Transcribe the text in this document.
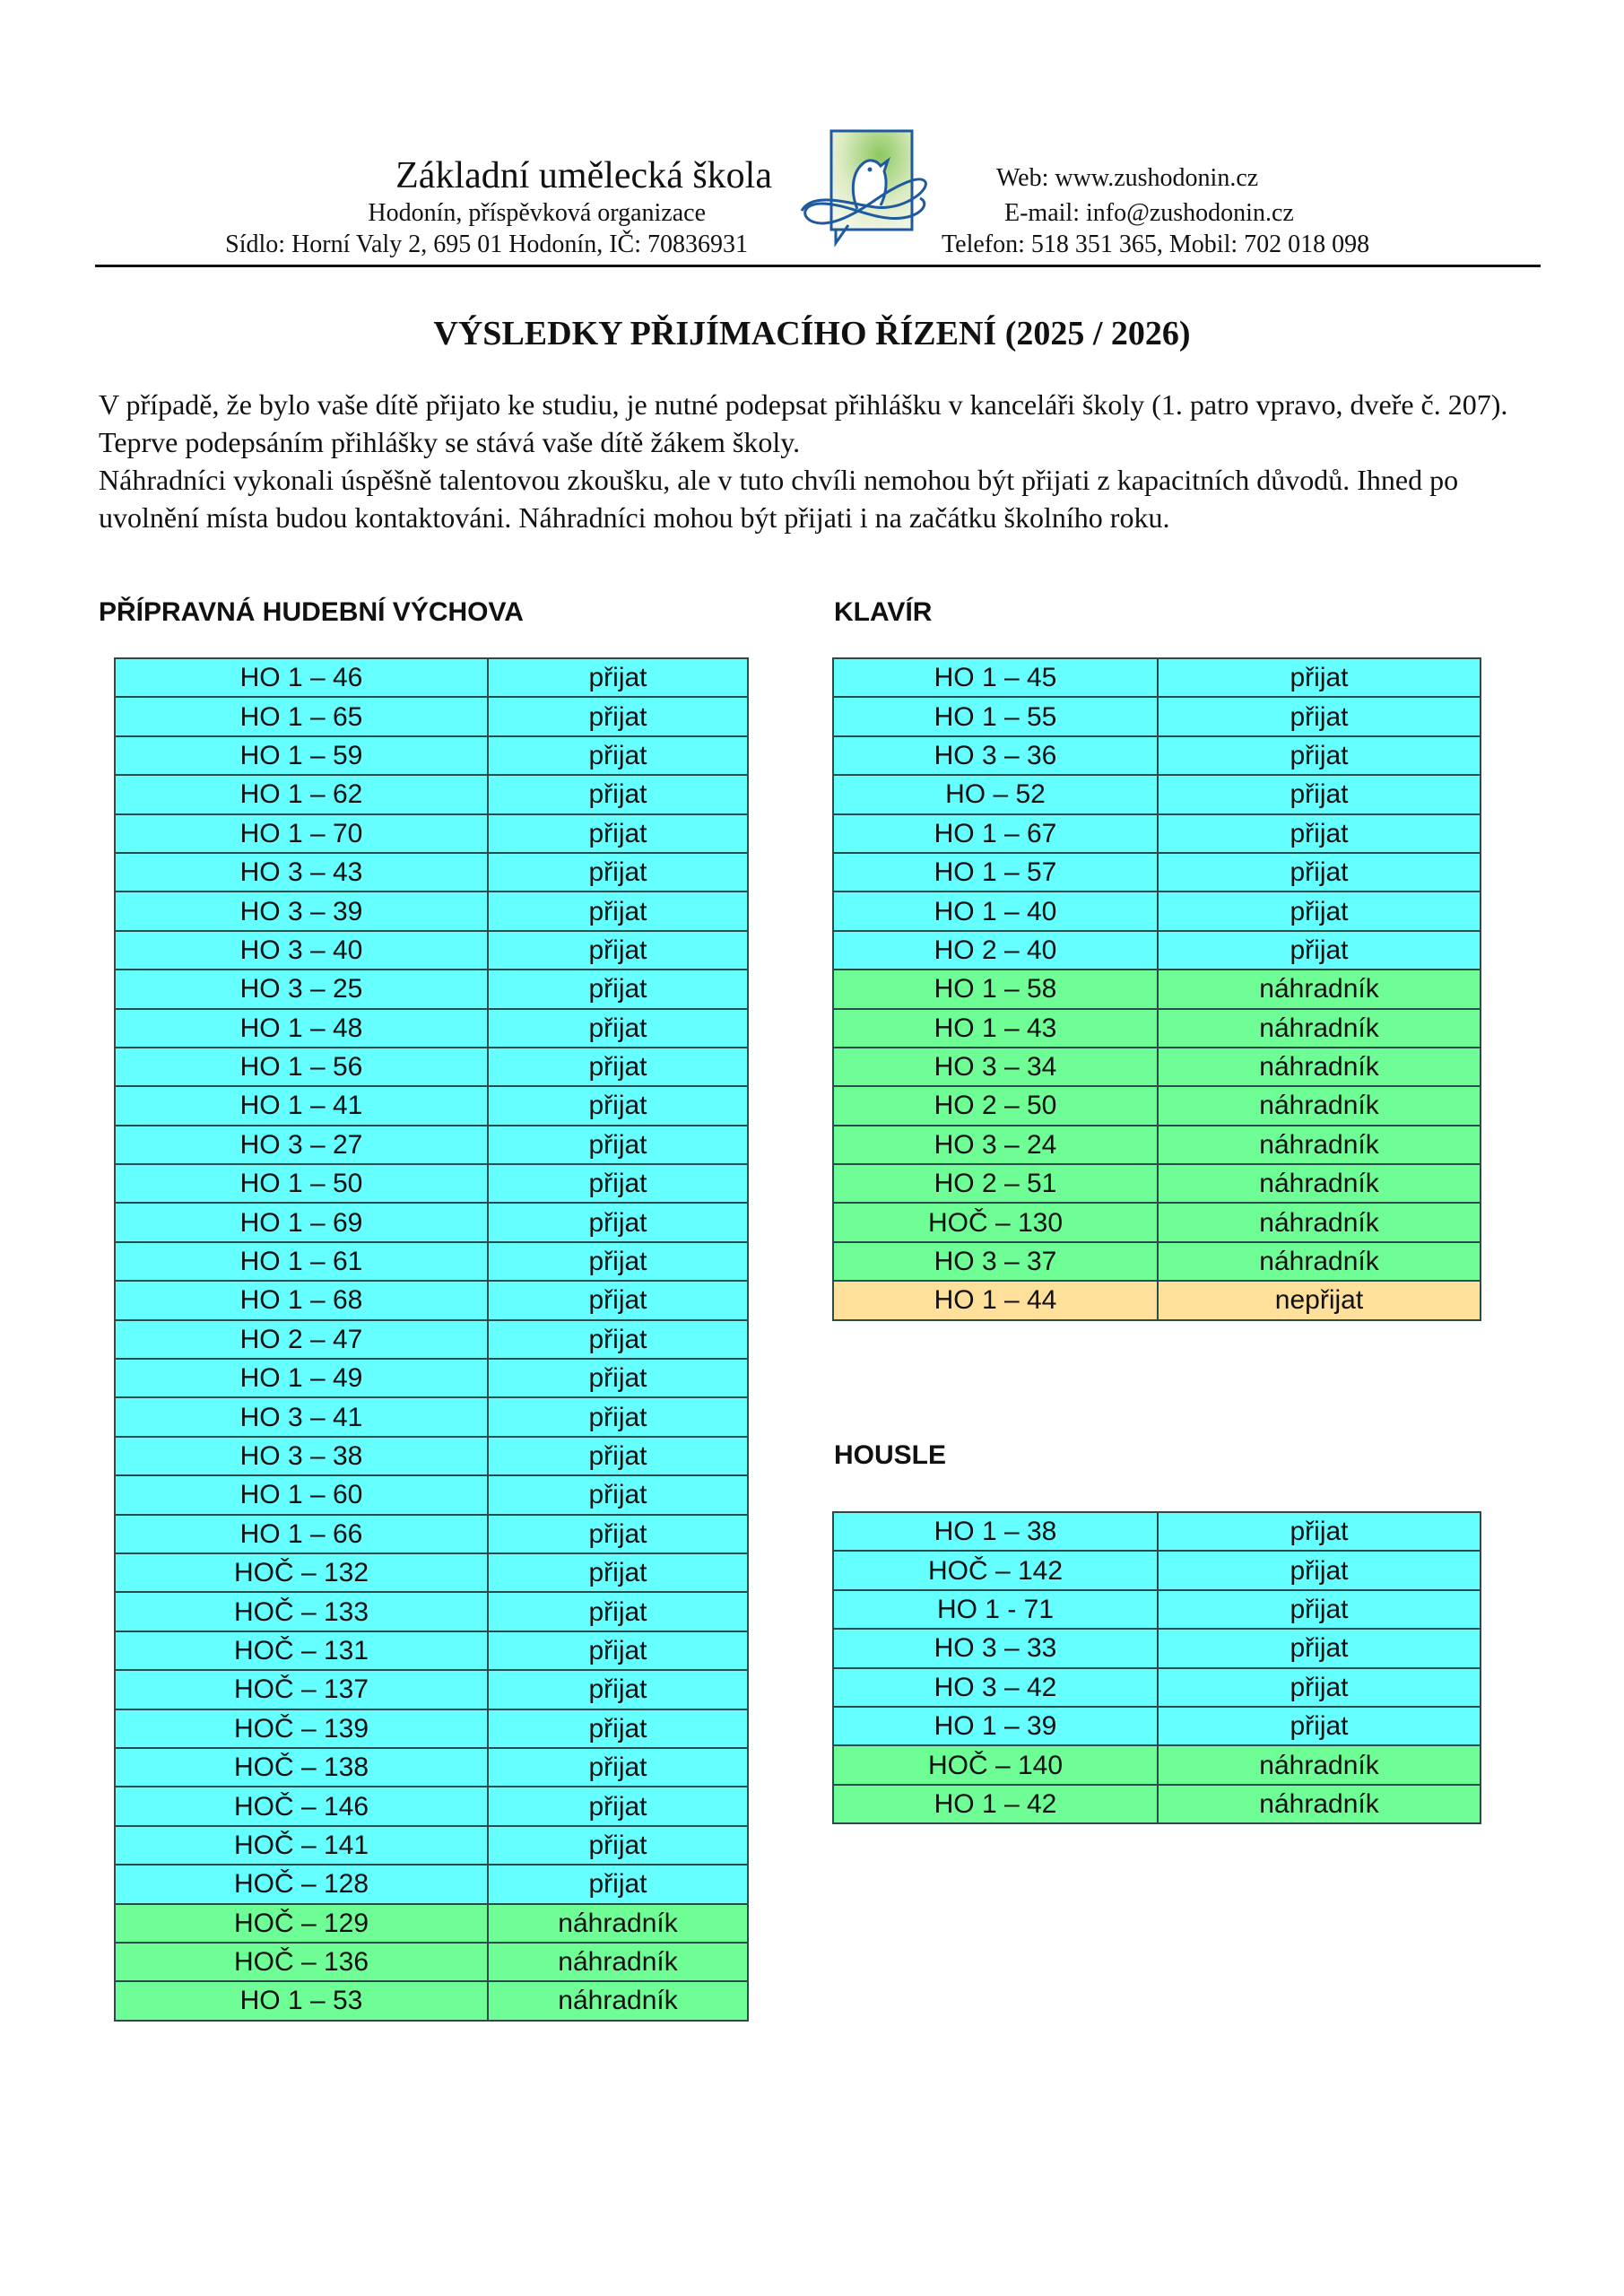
Základní umělecká škola
Hodonín, příspěvková organizace
Sídlo: Horní Valy 2, 695 01 Hodonín, IČ: 70836931
Web: www.zushodonin.cz
E-mail: info@zushodonin.cz
Telefon: 518 351 365, Mobil: 702 018 098
VÝSLEDKY PŘIJÍMACÍHO ŘÍZENÍ (2025 / 2026)
V případě, že bylo vaše dítě přijato ke studiu, je nutné podepsat přihlášku v kanceláři školy (1. patro vpravo, dveře č. 207). Teprve podepsáním přihlášky se stává vaše dítě žákem školy.
Náhradníci vykonali úspěšně talentovou zkoušku, ale v tuto chvíli nemohou být přijati z kapacitních důvodů. Ihned po uvolnění místa budou kontaktováni. Náhradníci mohou být přijati i na začátku školního roku.
PŘÍPRAVNÁ HUDEBNÍ VÝCHOVA
HO 1 – 46	přijat
HO 1 – 65	přijat
HO 1 – 59	přijat
HO 1 – 62	přijat
HO 1 – 70	přijat
HO 3 – 43	přijat
HO 3 – 39	přijat
HO 3 – 40	přijat
HO 3 – 25	přijat
HO 1 – 48	přijat
HO 1 – 56	přijat
HO 1 – 41	přijat
HO 3 – 27	přijat
HO 1 – 50	přijat
HO 1 – 69	přijat
HO 1 – 61	přijat
HO 1 – 68	přijat
HO 2 – 47	přijat
HO 1 – 49	přijat
HO 3 – 41	přijat
HO 3 – 38	přijat
HO 1 – 60	přijat
HO 1 – 66	přijat
HOČ – 132	přijat
HOČ – 133	přijat
HOČ – 131	přijat
HOČ – 137	přijat
HOČ – 139	přijat
HOČ – 138	přijat
HOČ – 146	přijat
HOČ – 141	přijat
HOČ – 128	přijat
HOČ – 129	náhradník
HOČ – 136	náhradník
HO 1 – 53	náhradník
KLAVÍR
HO 1 – 45	přijat
HO 1 – 55	přijat
HO 3 – 36	přijat
HO – 52	přijat
HO 1 – 67	přijat
HO 1 – 57	přijat
HO 1 – 40	přijat
HO 2 – 40	přijat
HO 1 – 58	náhradník
HO 1 – 43	náhradník
HO 3 – 34	náhradník
HO 2 – 50	náhradník
HO 3 – 24	náhradník
HO 2 – 51	náhradník
HOČ – 130	náhradník
HO 3 – 37	náhradník
HO 1 – 44	nepřijat
HOUSLE
HO 1 – 38	přijat
HOČ – 142	přijat
HO 1 - 71	přijat
HO 3 – 33	přijat
HO 3 – 42	přijat
HO 1 – 39	přijat
HOČ – 140	náhradník
HO 1 – 42	náhradník
